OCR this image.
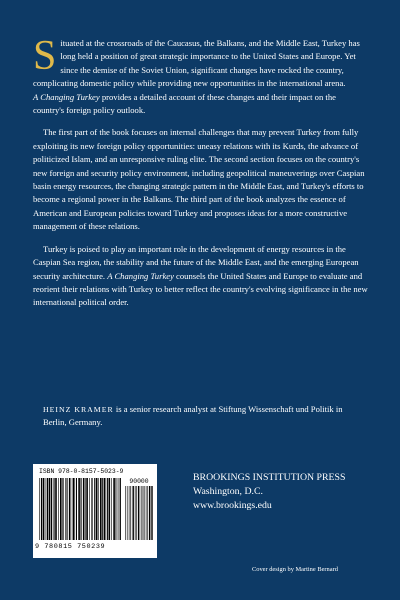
Situated at the crossroads of the Caucasus, the Balkans, and the Middle East, Turkey has long held a position of great strategic importance to the United States and Europe. Yet since the demise of the Soviet Union, significant changes have rocked the country, complicating domestic policy while providing new opportunities in the international arena.
A Changing Turkey provides a detailed account of these changes and their impact on the country's foreign policy outlook.

The first part of the book focuses on internal challenges that may prevent Turkey from fully exploiting its new foreign policy opportunities: uneasy relations with its Kurds, the advance of politicized Islam, and an unresponsive ruling elite. The second section focuses on the country's new foreign and security policy environment, including geopolitical maneuverings over Caspian basin energy resources, the changing strategic pattern in the Middle East, and Turkey's efforts to become a regional power in the Balkans. The third part of the book analyzes the essence of American and European policies toward Turkey and proposes ideas for a more constructive management of these relations.

Turkey is poised to play an important role in the development of energy resources in the Caspian Sea region, the stability and the future of the Middle East, and the emerging European security architecture. A Changing Turkey counsels the United States and Europe to evaluate and reorient their relations with Turkey to better reflect the country's evolving significance in the new international political order.

HEINZ KRAMER is a senior research analyst at Stiftung Wissenschaft und Politik in Berlin, Germany.
ISBN 978-0-8157-5023-9
90000
9 780815 750239
BROOKINGS INSTITUTION PRESS
Washington, D.C.
www.brookings.edu
Cover design by Martine Bernard
